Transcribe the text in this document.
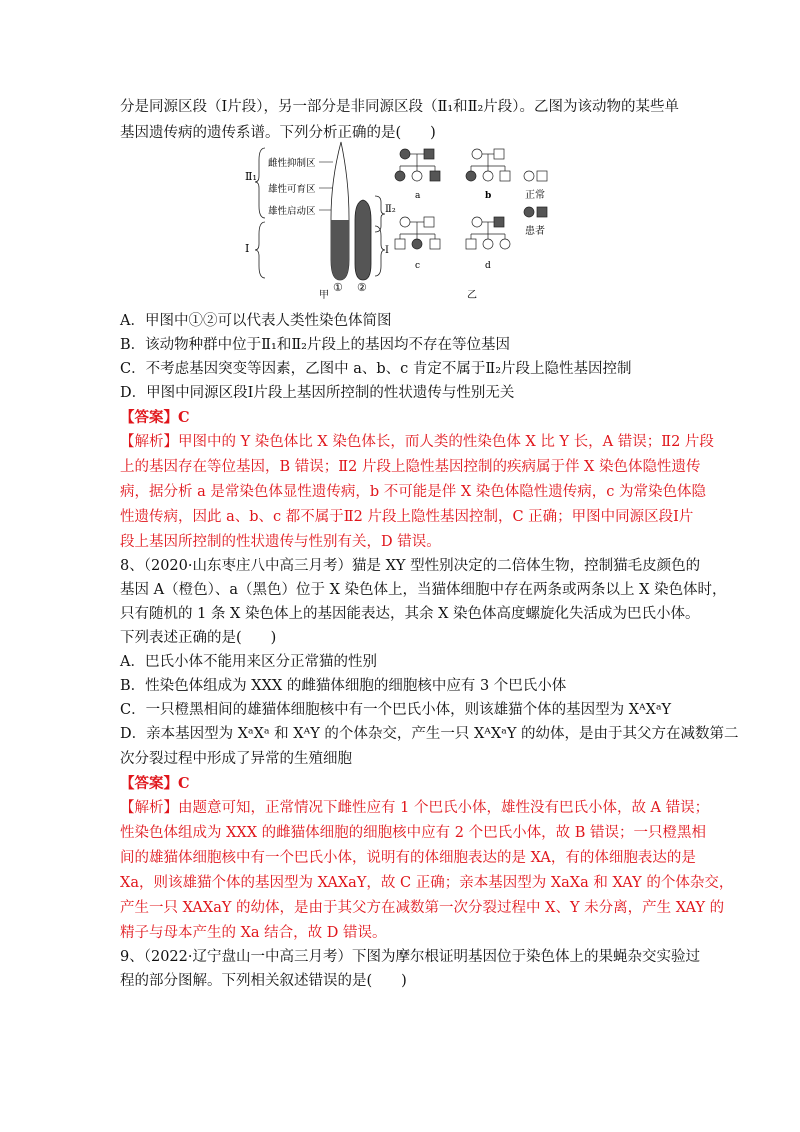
分是同源区段（Ⅰ片段），另一部分是非同源区段（Ⅱ₁和Ⅱ₂片段）。乙图为该动物的某些单
基因遗传病的遗传系谱。下列分析正确的是(　　)
Ⅱ₁
雌性抑制区
雄性可育区
雄性启动区
Ⅰ
① ②
甲
Ⅱ₂
Ⅰ
a	b	正常
患者
c	d
乙
A．甲图中①②可以代表人类性染色体简图
B．该动物种群中位于Ⅱ₁和Ⅱ₂片段上的基因均不存在等位基因
C．不考虑基因突变等因素，乙图中 a、b、c 肯定不属于Ⅱ₂片段上隐性基因控制
D．甲图中同源区段Ⅰ片段上基因所控制的性状遗传与性别无关
【答案】C
【解析】甲图中的 Y 染色体比 X 染色体长，而人类的性染色体 X 比 Y 长，A 错误；Ⅱ2 片段
上的基因存在等位基因，B 错误；Ⅱ2 片段上隐性基因控制的疾病属于伴 X 染色体隐性遗传
病，据分析 a 是常染色体显性遗传病，b 不可能是伴 X 染色体隐性遗传病，c 为常染色体隐
性遗传病，因此 a、b、c 都不属于Ⅱ2 片段上隐性基因控制，C 正确；甲图中同源区段Ⅰ片
段上基因所控制的性状遗传与性别有关，D 错误。
8、（2020·山东枣庄八中高三月考）猫是 XY 型性别决定的二倍体生物，控制猫毛皮颜色的
基因 A（橙色）、a（黑色）位于 X 染色体上，当猫体细胞中存在两条或两条以上 X 染色体时，
只有随机的 1 条 X 染色体上的基因能表达，其余 X 染色体高度螺旋化失活成为巴氏小体。
下列表述正确的是(　　)
A．巴氏小体不能用来区分正常猫的性别
B．性染色体组成为 XXX 的雌猫体细胞的细胞核中应有 3 个巴氏小体
C．一只橙黑相间的雄猫体细胞核中有一个巴氏小体，则该雄猫个体的基因型为 XᴬXᵃY
D．亲本基因型为 XᵃXᵃ 和 XᴬY 的个体杂交，产生一只 XᴬXᵃY 的幼体，是由于其父方在减数第二
次分裂过程中形成了异常的生殖细胞
【答案】C
【解析】由题意可知，正常情况下雌性应有 1 个巴氏小体，雄性没有巴氏小体，故 A 错误；
性染色体组成为 XXX 的雌猫体细胞的细胞核中应有 2 个巴氏小体，故 B 错误；一只橙黑相
间的雄猫体细胞核中有一个巴氏小体，说明有的体细胞表达的是 XA，有的体细胞表达的是
Xa，则该雄猫个体的基因型为 XAXaY，故 C 正确；亲本基因型为 XaXa 和 XAY 的个体杂交，
产生一只 XAXaY 的幼体，是由于其父方在减数第一次分裂过程中 X、Y 未分离，产生 XAY 的
精子与母本产生的 Xa 结合，故 D 错误。
9、（2022·辽宁盘山一中高三月考）下图为摩尔根证明基因位于染色体上的果蝇杂交实验过
程的部分图解。下列相关叙述错误的是(　　)
